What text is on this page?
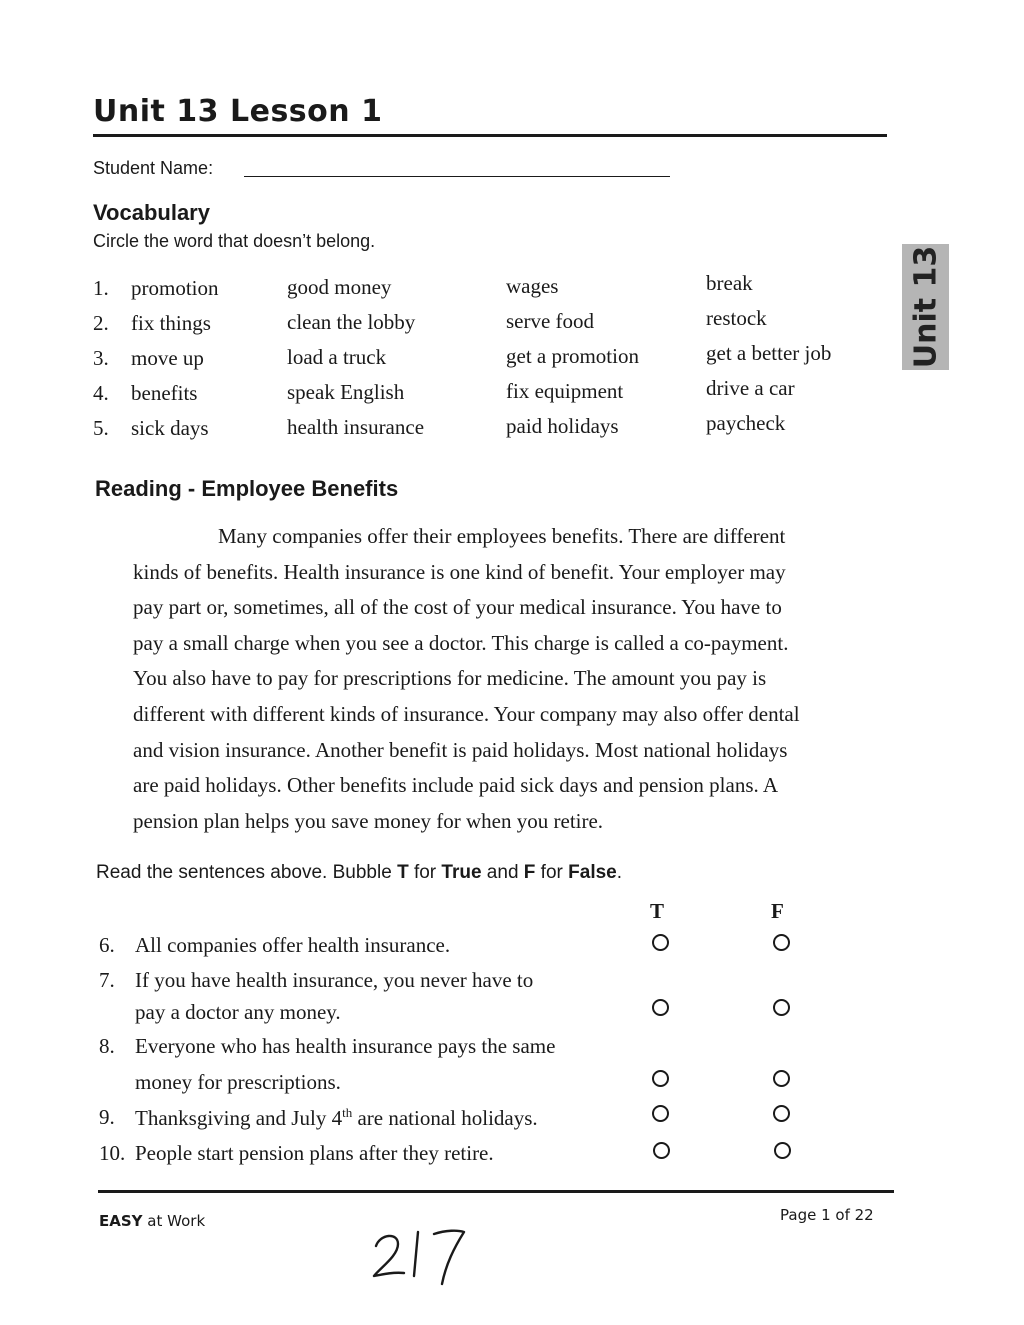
Unit 13 Lesson 1
Student Name:
Unit 13
Vocabulary
Circle the word that doesn’t belong.
1. promotion	good money	wages	break
2. fix things	clean the lobby	serve food	restock
3. move up	load a truck	get a promotion	get a better job
4. benefits	speak English	fix equipment	drive a car
5. sick days	health insurance	paid holidays	paycheck
Reading - Employee Benefits
Many companies offer their employees benefits. There are different
kinds of benefits. Health insurance is one kind of benefit. Your employer may
pay part or, sometimes, all of the cost of your medical insurance. You have to
pay a small charge when you see a doctor. This charge is called a co-payment.
You also have to pay for prescriptions for medicine. The amount you pay is
different with different kinds of insurance. Your company may also offer dental
and vision insurance. Another benefit is paid holidays. Most national holidays
are paid holidays. Other benefits include paid sick days and pension plans. A
pension plan helps you save money for when you retire.
Read the sentences above. Bubble T for True and F for False.
T	F
6. All companies offer health insurance.
7. If you have health insurance, you never have to
pay a doctor any money.
8. Everyone who has health insurance pays the same
money for prescriptions.
9. Thanksgiving and July 4th are national holidays.
10. People start pension plans after they retire.
EASY at Work	Page 1 of 22
